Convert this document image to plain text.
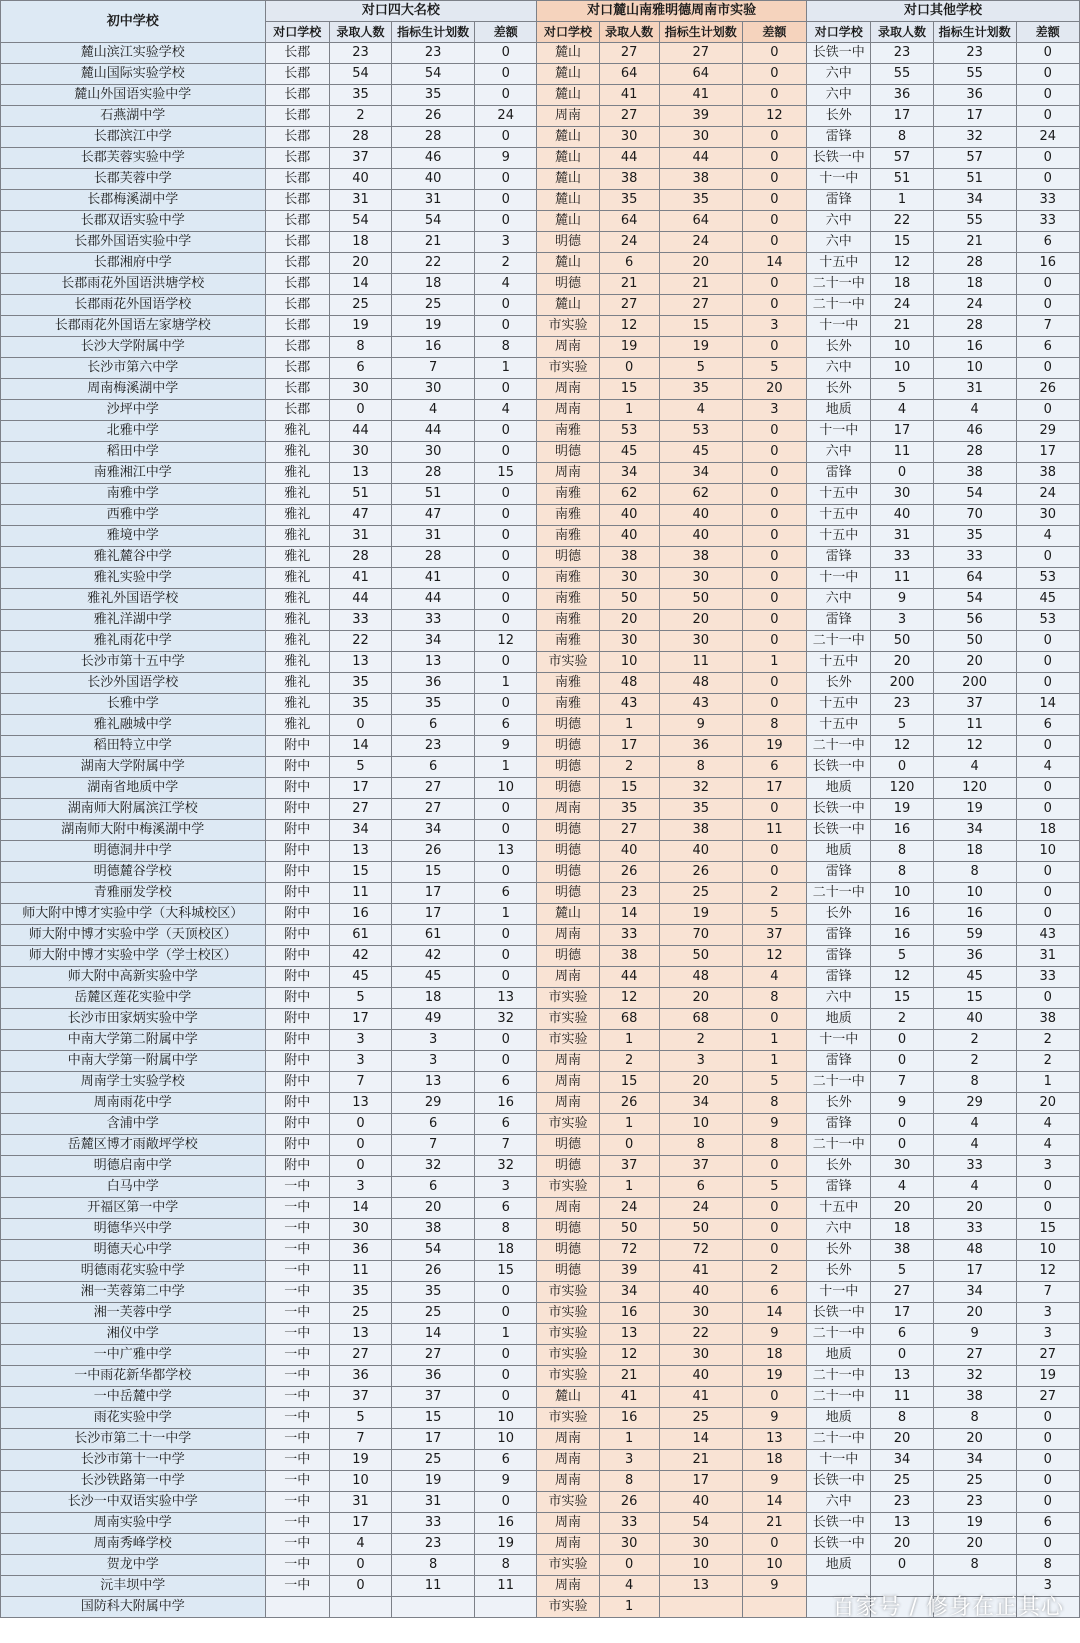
初中学校	对口四大名校				对口麓山南雅明德周南市实验				对口其他学校			
	对口学校	录取人数	指标生计划数	差额	对口学校	录取人数	指标生计划数	差额	对口学校	录取人数	指标生计划数	差额
麓山滨江实验学校	长郡	23	23	0	麓山	27	27	0	长铁一中	23	23	0
麓山国际实验学校	长郡	54	54	0	麓山	64	64	0	六中	55	55	0
麓山外国语实验中学	长郡	35	35	0	麓山	41	41	0	六中	36	36	0
石燕湖中学	长郡	2	26	24	周南	27	39	12	长外	17	17	0
长郡滨江中学	长郡	28	28	0	麓山	30	30	0	雷锋	8	32	24
长郡芙蓉实验中学	长郡	37	46	9	麓山	44	44	0	长铁一中	57	57	0
长郡芙蓉中学	长郡	40	40	0	麓山	38	38	0	十一中	51	51	0
长郡梅溪湖中学	长郡	31	31	0	麓山	35	35	0	雷锋	1	34	33
长郡双语实验中学	长郡	54	54	0	麓山	64	64	0	六中	22	55	33
长郡外国语实验中学	长郡	18	21	3	明德	24	24	0	六中	15	21	6
长郡湘府中学	长郡	20	22	2	麓山	6	20	14	十五中	12	28	16
长郡雨花外国语洪塘学校	长郡	14	18	4	明德	21	21	0	二十一中	18	18	0
长郡雨花外国语学校	长郡	25	25	0	麓山	27	27	0	二十一中	24	24	0
长郡雨花外国语左家塘学校	长郡	19	19	0	市实验	12	15	3	十一中	21	28	7
长沙大学附属中学	长郡	8	16	8	周南	19	19	0	长外	10	16	6
长沙市第六中学	长郡	6	7	1	市实验	0	5	5	六中	10	10	0
周南梅溪湖中学	长郡	30	30	0	周南	15	35	20	长外	5	31	26
沙坪中学	长郡	0	4	4	周南	1	4	3	地质	4	4	0
北雅中学	雅礼	44	44	0	南雅	53	53	0	十一中	17	46	29
稻田中学	雅礼	30	30	0	明德	45	45	0	六中	11	28	17
南雅湘江中学	雅礼	13	28	15	周南	34	34	0	雷锋	0	38	38
南雅中学	雅礼	51	51	0	南雅	62	62	0	十五中	30	54	24
西雅中学	雅礼	47	47	0	南雅	40	40	0	十五中	40	70	30
雅境中学	雅礼	31	31	0	南雅	40	40	0	十五中	31	35	4
雅礼麓谷中学	雅礼	28	28	0	明德	38	38	0	雷锋	33	33	0
雅礼实验中学	雅礼	41	41	0	南雅	30	30	0	十一中	11	64	53
雅礼外国语学校	雅礼	44	44	0	南雅	50	50	0	六中	9	54	45
雅礼洋湖中学	雅礼	33	33	0	南雅	20	20	0	雷锋	3	56	53
雅礼雨花中学	雅礼	22	34	12	南雅	30	30	0	二十一中	50	50	0
长沙市第十五中学	雅礼	13	13	0	市实验	10	11	1	十五中	20	20	0
长沙外国语学校	雅礼	35	36	1	南雅	48	48	0	长外	200	200	0
长雅中学	雅礼	35	35	0	南雅	43	43	0	十五中	23	37	14
雅礼融城中学	雅礼	0	6	6	明德	1	9	8	十五中	5	11	6
稻田特立中学	附中	14	23	9	明德	17	36	19	二十一中	12	12	0
湖南大学附属中学	附中	5	6	1	明德	2	8	6	长铁一中	0	4	4
湖南省地质中学	附中	17	27	10	明德	15	32	17	地质	120	120	0
湖南师大附属滨江学校	附中	27	27	0	周南	35	35	0	长铁一中	19	19	0
湖南师大附中梅溪湖中学	附中	34	34	0	明德	27	38	11	长铁一中	16	34	18
明德洞井中学	附中	13	26	13	明德	40	40	0	地质	8	18	10
明德麓谷学校	附中	15	15	0	明德	26	26	0	雷锋	8	8	0
青雅丽发学校	附中	11	17	6	明德	23	25	2	二十一中	10	10	0
师大附中博才实验中学（大科城校区）	附中	16	17	1	麓山	14	19	5	长外	16	16	0
师大附中博才实验中学（天顶校区）	附中	61	61	0	周南	33	70	37	雷锋	16	59	43
师大附中博才实验中学（学士校区）	附中	42	42	0	明德	38	50	12	雷锋	5	36	31
师大附中高新实验中学	附中	45	45	0	周南	44	48	4	雷锋	12	45	33
岳麓区莲花实验中学	附中	5	18	13	市实验	12	20	8	六中	15	15	0
长沙市田家炳实验中学	附中	17	49	32	市实验	68	68	0	地质	2	40	38
中南大学第二附属中学	附中	3	3	0	市实验	1	2	1	十一中	0	2	2
中南大学第一附属中学	附中	3	3	0	周南	2	3	1	雷锋	0	2	2
周南学士实验学校	附中	7	13	6	周南	15	20	5	二十一中	7	8	1
周南雨花中学	附中	13	29	16	周南	26	34	8	长外	9	29	20
含浦中学	附中	0	6	6	市实验	1	10	9	雷锋	0	4	4
岳麓区博才雨敞坪学校	附中	0	7	7	明德	0	8	8	二十一中	0	4	4
明德启南中学	附中	0	32	32	明德	37	37	0	长外	30	33	3
白马中学	一中	3	6	3	市实验	1	6	5	雷锋	4	4	0
开福区第一中学	一中	14	20	6	周南	24	24	0	十五中	20	20	0
明德华兴中学	一中	30	38	8	明德	50	50	0	六中	18	33	15
明德天心中学	一中	36	54	18	明德	72	72	0	长外	38	48	10
明德雨花实验中学	一中	11	26	15	明德	39	41	2	长外	5	17	12
湘一芙蓉第二中学	一中	35	35	0	市实验	34	40	6	十一中	27	34	7
湘一芙蓉中学	一中	25	25	0	市实验	16	30	14	长铁一中	17	20	3
湘仪中学	一中	13	14	1	市实验	13	22	9	二十一中	6	9	3
一中广雅中学	一中	27	27	0	市实验	12	30	18	地质	0	27	27
一中雨花新华都学校	一中	36	36	0	市实验	21	40	19	二十一中	13	32	19
一中岳麓中学	一中	37	37	0	麓山	41	41	0	二十一中	11	38	27
雨花实验中学	一中	5	15	10	市实验	16	25	9	地质	8	8	0
长沙市第二十一中学	一中	7	17	10	周南	1	14	13	二十一中	20	20	0
长沙市第十一中学	一中	19	25	6	周南	3	21	18	十一中	34	34	0
长沙铁路第一中学	一中	10	19	9	周南	8	17	9	长铁一中	25	25	0
长沙一中双语实验中学	一中	31	31	0	市实验	26	40	14	六中	23	23	0
周南实验中学	一中	17	33	16	周南	33	54	21	长铁一中	13	19	6
周南秀峰学校	一中	4	23	19	周南	30	30	0	长铁一中	20	20	0
贺龙中学	一中	0	8	8	市实验	0	10	10	地质	0	8	8
沅丰坝中学	一中	0	11	11	周南	4	13	9				3
国防科大附属中学					市实验	1							百家号 / 修身在正其心
